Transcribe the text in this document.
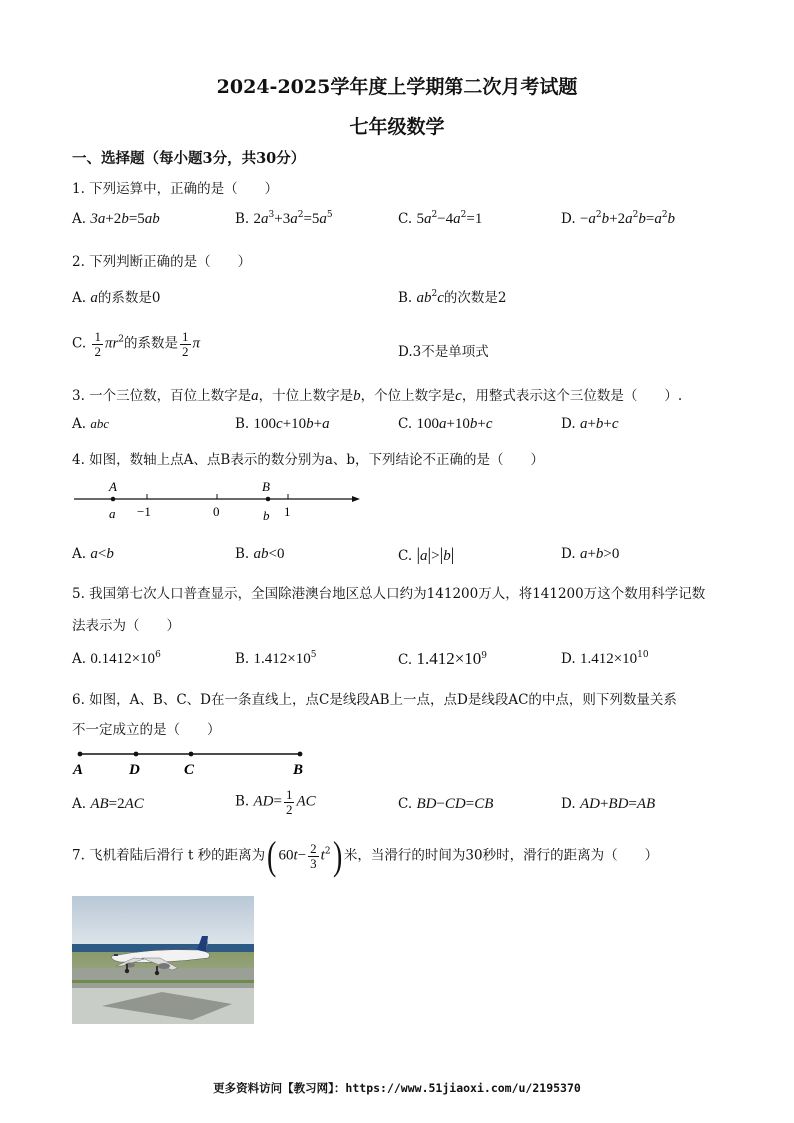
2024-2025学年度上学期第二次月考试题
七年级数学
一、选择题（每小题3分，共30分）
1. 下列运算中，正确的是（　　）
A. 3a+2b=5ab	B. $2a^3+3a^2=5a^5$	C. $5a^2-4a^2=1$	D. $-a^2b+2a^2b=a^2b$
2. 下列判断正确的是（　　）
A. a的系数是0	B. $ab^2c$的次数是2
C. $\frac{1}{2} \pi r^2$的系数是 $\frac{1}{2}$ π
D.3不是单项式
3. 一个三位数，百位上数字是a，十位上数字是b，个位上数字是c，用整式表示这个三位数是（　　）.
A. abc	B. 100c+10b+a	C. 100a+10b+c	D. a+b+c
4. 如图，数轴上点A、点B表示的数分别为a、b，下列结论不正确的是（　　）
A	B
a	b
−1	0	1
A. a<b	B. ab<0	C. |a|>|b|	D. a+b>0
5. 我国第七次人口普查显示，全国除港澳台地区总人口约为141200万人，将141200万这个数用科学记数
法表示为（　　）
A. $0.1412\times 10^6$	B. $1.412\times 10^5$	C. $1.412\times 10^9$	D. $1.412\times 10^{10}$
6. 如图，A、B、C、D在一条直线上，点C是线段AB上一点，点D是线段AC的中点，则下列数量关系
不一定成立的是（　　）
A	D	C	B
A. AB=2AC	B. $AD= \frac{1}{2}$ AC	C. BD−CD=CB	D. AD+BD=AB
7. 飞机着陆后滑行 t 秒的距离为( $60t- \frac{2}{3} t^2$) 米，当滑行的时间为30秒时，滑行的距离为（　　）
更多资料访问【教习网】：https://www.51jiaoxi.com/u/2195370
